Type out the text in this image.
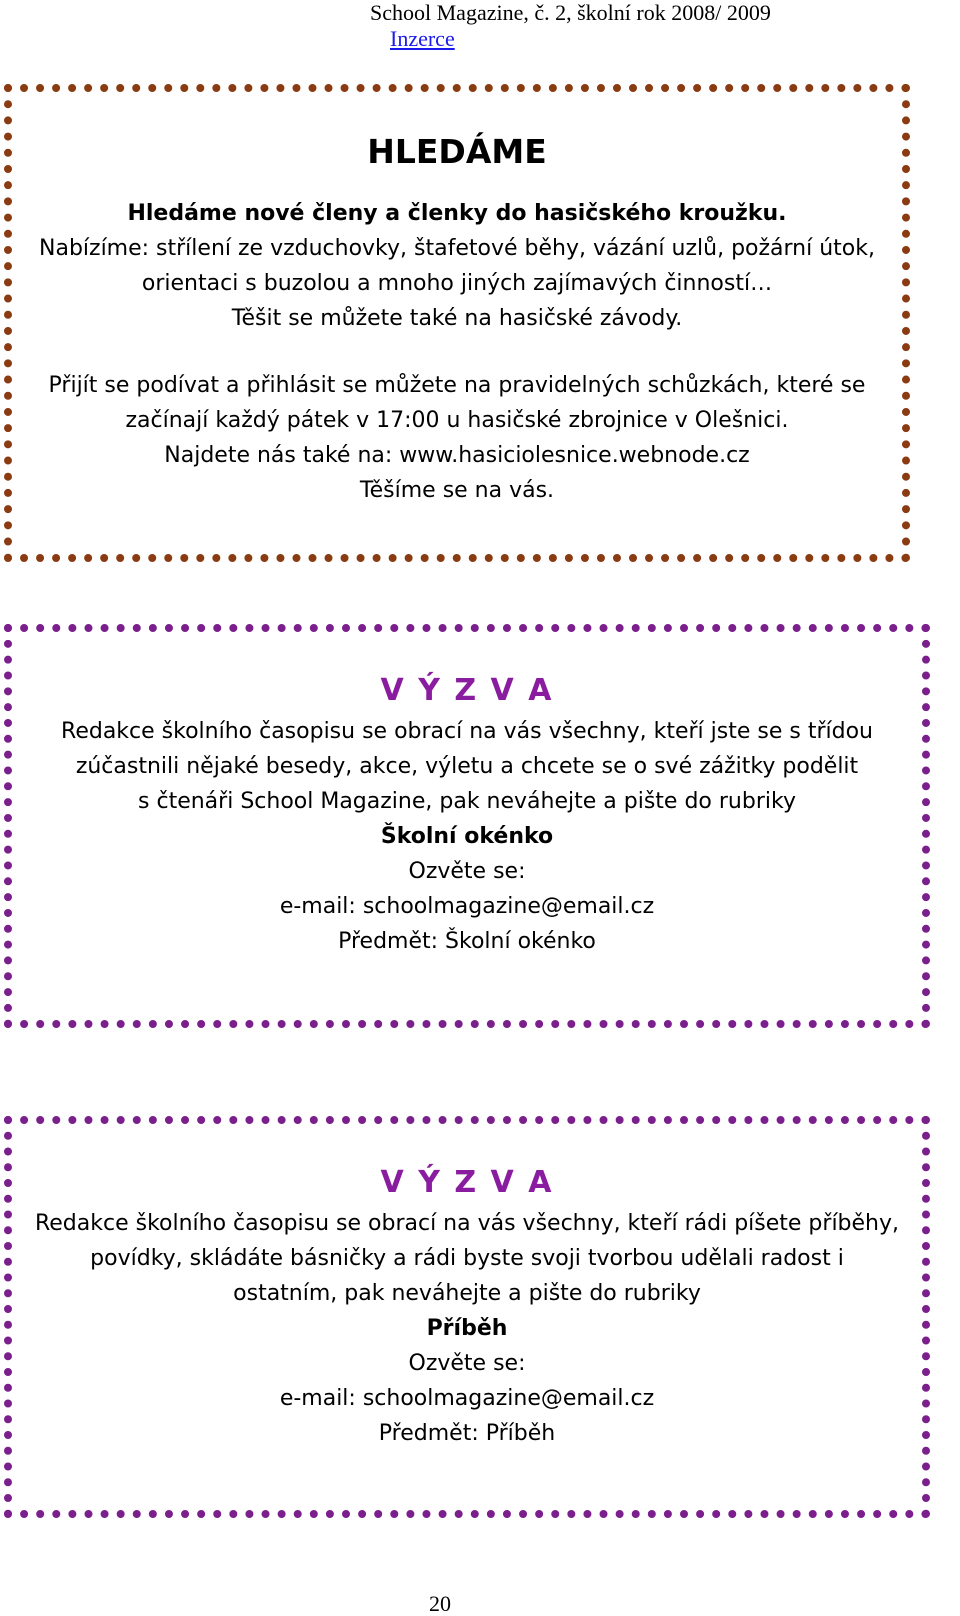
School Magazine, č. 2, školní rok 2008/ 2009
Inzerce
HLEDÁME
Hledáme nové členy a členky do hasičského kroužku.
Nabízíme: střílení ze vzduchovky, štafetové běhy, vázání uzlů, požární útok,
orientaci s buzolou a mnoho jiných zajímavých činností…
Těšit se můžete také na hasičské závody.
Přijít se podívat a přihlásit se můžete na pravidelných schůzkách, které se
začínají každý pátek v 17:00 u hasičské zbrojnice v Olešnici.
Najdete nás také na: www.hasiciolesnice.webnode.cz
Těšíme se na vás.
V Ý Z V A
Redakce školního časopisu se obrací na vás všechny, kteří jste se s třídou
zúčastnili nějaké besedy, akce, výletu a chcete se o své zážitky podělit
s čtenáři School Magazine, pak neváhejte a pište do rubriky
Školní okénko
Ozvěte se:
e-mail: schoolmagazine@email.cz
Předmět: Školní okénko
V Ý Z V A
Redakce školního časopisu se obrací na vás všechny, kteří rádi píšete příběhy,
povídky, skládáte básničky a rádi byste svoji tvorbou udělali radost i
ostatním, pak neváhejte a pište do rubriky
Příběh
Ozvěte se:
e-mail: schoolmagazine@email.cz
Předmět: Příběh
20
